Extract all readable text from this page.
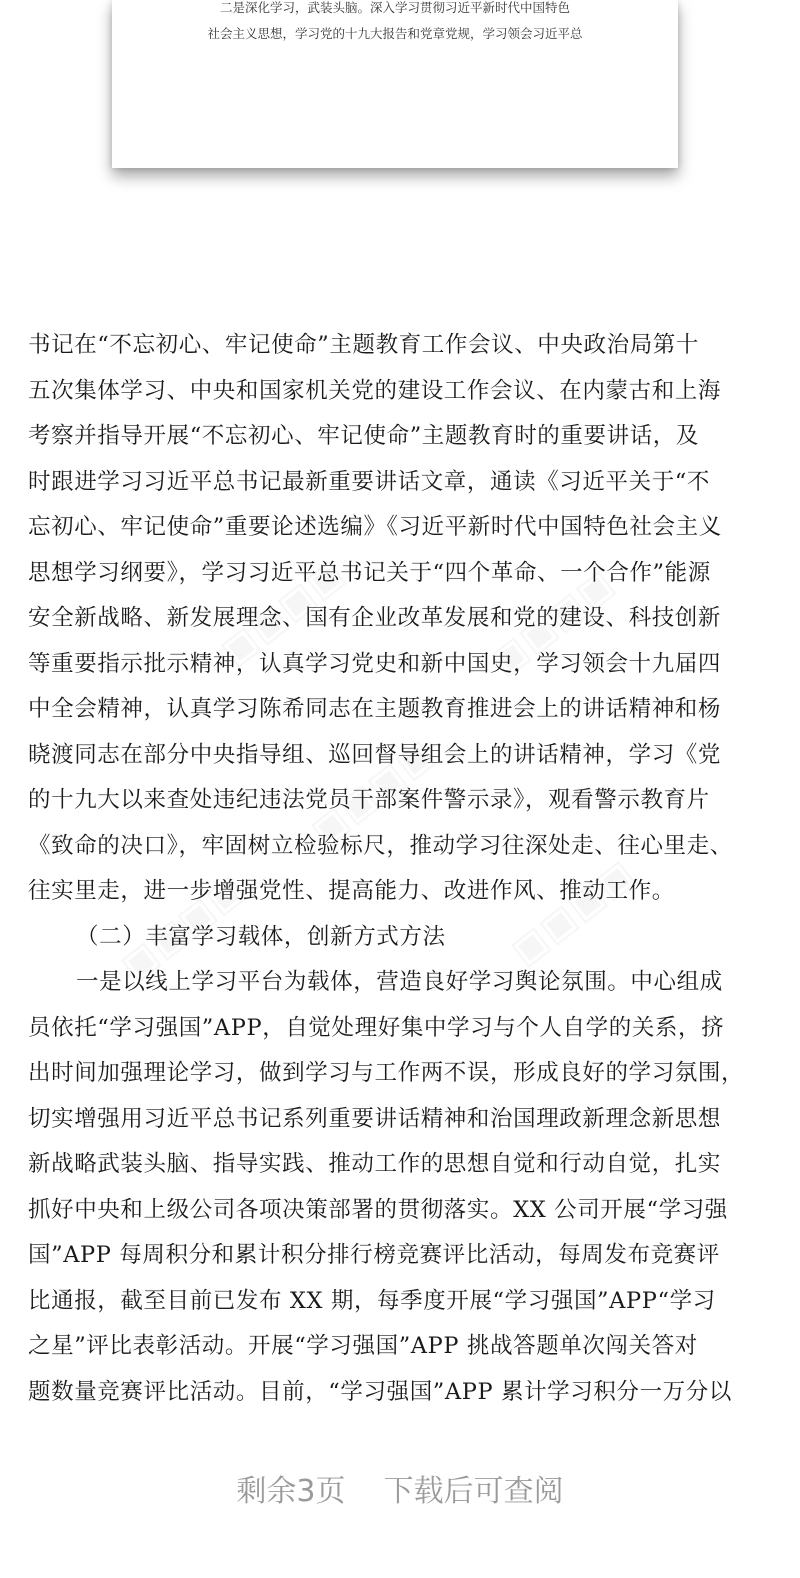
二是深化学习，武装头脑。深入学习贯彻习近平新时代中国特色
社会主义思想，学习党的十九大报告和党章党规，学习领会习近平总
书记在“不忘初心、牢记使命”主题教育工作会议、中央政治局第十
五次集体学习、中央和国家机关党的建设工作会议、在内蒙古和上海
考察并指导开展“不忘初心、牢记使命”主题教育时的重要讲话，及
时跟进学习习近平总书记最新重要讲话文章，通读《习近平关于“不
忘初心、牢记使命”重要论述选编》《习近平新时代中国特色社会主义
思想学习纲要》，学习习近平总书记关于“四个革命、一个合作”能源
安全新战略、新发展理念、国有企业改革发展和党的建设、科技创新
等重要指示批示精神，认真学习党史和新中国史，学习领会十九届四
中全会精神，认真学习陈希同志在主题教育推进会上的讲话精神和杨
晓渡同志在部分中央指导组、巡回督导组会上的讲话精神，学习《党
的十九大以来查处违纪违法党员干部案件警示录》，观看警示教育片
《致命的决口》，牢固树立检验标尺，推动学习往深处走、往心里走、
往实里走，进一步增强党性、提高能力、改进作风、推动工作。
（二）丰富学习载体，创新方式方法
一是以线上学习平台为载体，营造良好学习舆论氛围。中心组成
员依托“学习强国”APP，自觉处理好集中学习与个人自学的关系，挤
出时间加强理论学习，做到学习与工作两不误，形成良好的学习氛围，
切实增强用习近平总书记系列重要讲话精神和治国理政新理念新思想
新战略武装头脑、指导实践、推动工作的思想自觉和行动自觉，扎实
抓好中央和上级公司各项决策部署的贯彻落实。XX 公司开展“学习强
国”APP 每周积分和累计积分排行榜竞赛评比活动，每周发布竞赛评
比通报，截至目前已发布 XX 期，每季度开展“学习强国”APP“学习
之星”评比表彰活动。开展“学习强国”APP 挑战答题单次闯关答对
题数量竞赛评比活动。目前，“学习强国”APP 累计学习积分一万分以
剩余3页 下载后可查阅
